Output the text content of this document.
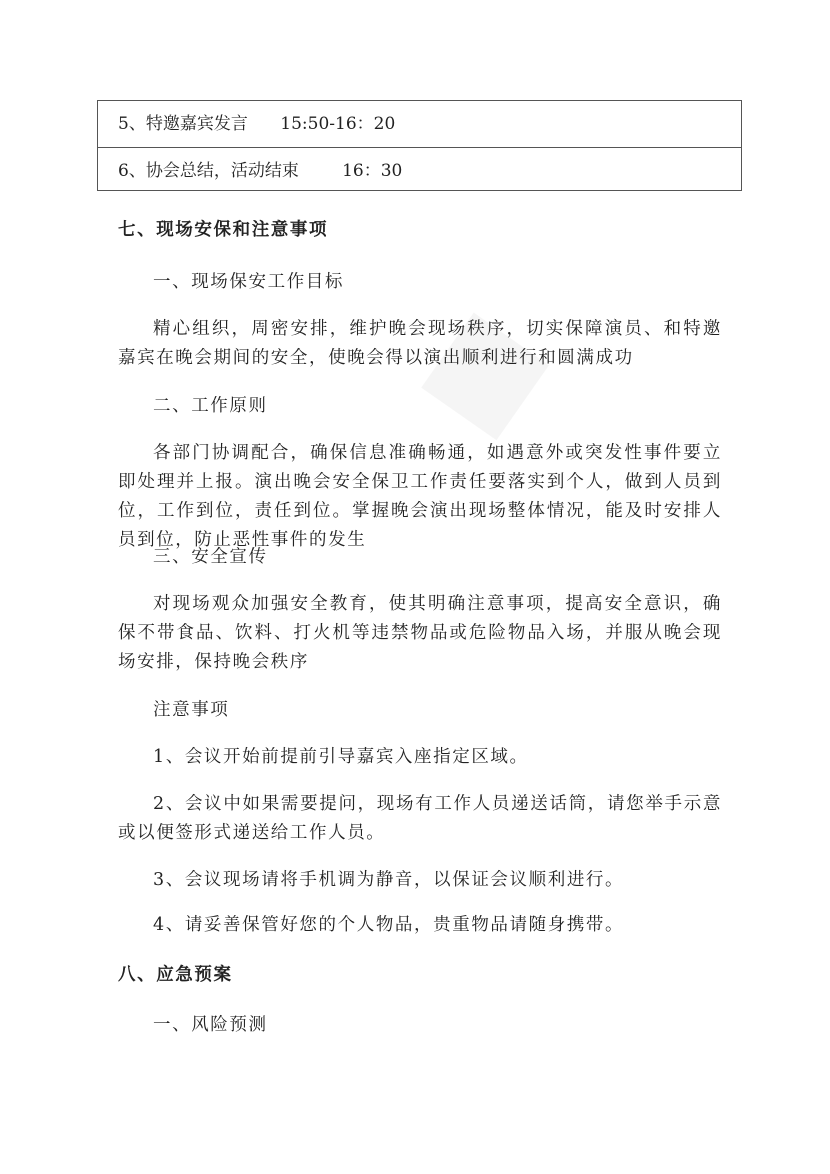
5、特邀嘉宾发言 15:50-16：20
6、协会总结，活动结束	16：30
七、现场安保和注意事项
一、现场保安工作目标
精心组织，周密安排，维护晚会现场秩序，切实保障演员、和特邀嘉宾在晚会期间的安全，使晚会得以演出顺利进行和圆满成功
二、工作原则
各部门协调配合，确保信息准确畅通，如遇意外或突发性事件要立即处理并上报。演出晚会安全保卫工作责任要落实到个人，做到人员到位，工作到位，责任到位。掌握晚会演出现场整体情况，能及时安排人员到位，防止恶性事件的发生
三、安全宣传
对现场观众加强安全教育，使其明确注意事项，提高安全意识，确保不带食品、饮料、打火机等违禁物品或危险物品入场，并服从晚会现场安排，保持晚会秩序
注意事项
1、会议开始前提前引导嘉宾入座指定区域。
2、会议中如果需要提问，现场有工作人员递送话筒，请您举手示意或以便签形式递送给工作人员。
3、会议现场请将手机调为静音，以保证会议顺利进行。
4、请妥善保管好您的个人物品，贵重物品请随身携带。
八、应急预案
一、风险预测
